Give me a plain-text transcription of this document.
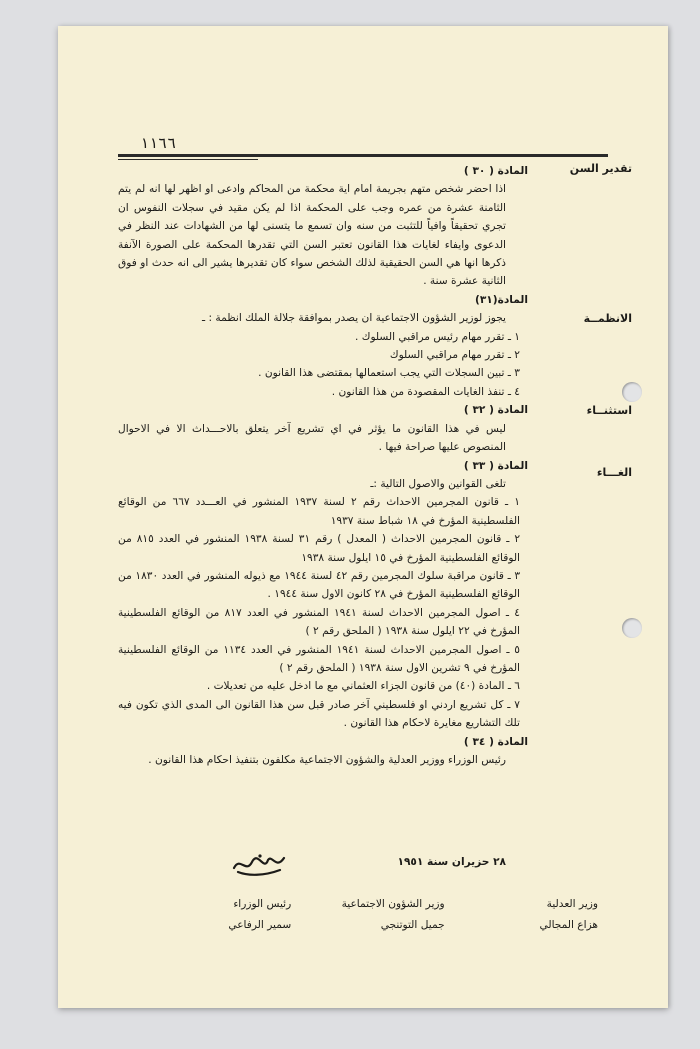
١١٦٦
تقدير السن
الانظمــة
استثنــاء
الغـــاء

المادة ( ٣٠ )

اذا احضر شخص متهم بجريمة امام اية محكمة من المحاكم وادعى او اظهر لها انه لم يتم الثامنة عشرة من عمره وجب على المحكمة اذا لم يكن مقيد في سجلات النفوس ان تجري تحقيقاً وافياً للتثبت من سنه وان تسمع ما يتسنى لها من الشهادات عند النظر في الدعوى وايفاء لغايات هذا القانون تعتبر السن التي تقدرها المحكمة على الصورة الآنفة ذكرها انها هي السن الحقيقية لذلك الشخص سواء كان تقديرها يشير الى انه حدث او فوق الثانية عشرة سنة .

المادة(٣١)

يجوز لوزير الشؤون الاجتماعية ان يصدر بموافقة جلالة الملك انظمة : ـ

١ ـ تقرر مهام رئيس مراقبي السلوك .

٢ ـ تقرر مهام مراقبي السلوك

٣ ـ تبين السجلات التي يجب استعمالها بمقتضى هذا القانون .

٤ ـ تنفذ الغايات المقصودة من هذا القانون .

المادة ( ٣٢ )

ليس في هذا القانون ما يؤثر في اي تشريع آخر يتعلق بالاحـــداث الا في الاحوال المنصوص عليها صراحة فيها .

المادة ( ٣٣ )

تلغى القوانين والاصول التالية :ـ

١ ـ قانون المجرمين الاحداث رقم ٢ لسنة ١٩٣٧ المنشور في العـــدد ٦٦٧ من الوقائع الفلسطينية المؤرخ في ١٨ شباط سنة ١٩٣٧

٢ ـ قانون المجرمين الاحداث ( المعدل ) رقم ٣١ لسنة ١٩٣٨ المنشور في العدد ٨١٥ من الوقائع الفلسطينية المؤرخ في ١٥ ايلول سنة ١٩٣٨

٣ ـ قانون مراقبة سلوك المجرمين رقم ٤٢ لسنة ١٩٤٤ مع ذيوله المنشور في العدد ١٨٣٠ من الوقائع الفلسطينية المؤرخ في ٢٨ كانون الاول سنة ١٩٤٤ .

٤ ـ اصول المجرمين الاحداث لسنة ١٩٤١ المنشور في العدد ٨١٧ من الوقائع الفلسطينية المؤرخ في ٢٢ ايلول سنة ١٩٣٨ ( الملحق رقم ٢ )

٥ ـ اصول المجرمين الاحداث لسنة ١٩٤١ المنشور في العدد ١١٣٤ من الوقائع الفلسطينية المؤرخ في ٩ تشرين الاول سنة ١٩٣٨ ( الملحق رقم ٢ )

٦ ـ المادة (٤٠) من قانون الجزاء العثماني مع ما ادخل عليه من تعديلات .

٧ ـ كل تشريع اردني او فلسطيني آخر صادر قبل سن هذا القانون الى المدى الذي تكون فيه تلك التشاريع مغايرة لاحكام هذا القانون .

المادة ( ٣٤ )

رئيس الوزراء ووزير العدلية والشؤون الاجتماعية مكلفون بتنفيذ احكام هذا القانون .

٢٨ حزيران سنة ١٩٥١
وزير العدلية
هزاع المجالي

وزير الشؤون الاجتماعية
جميل التوتنجي

رئيس الوزراء
سمير الرفاعي
